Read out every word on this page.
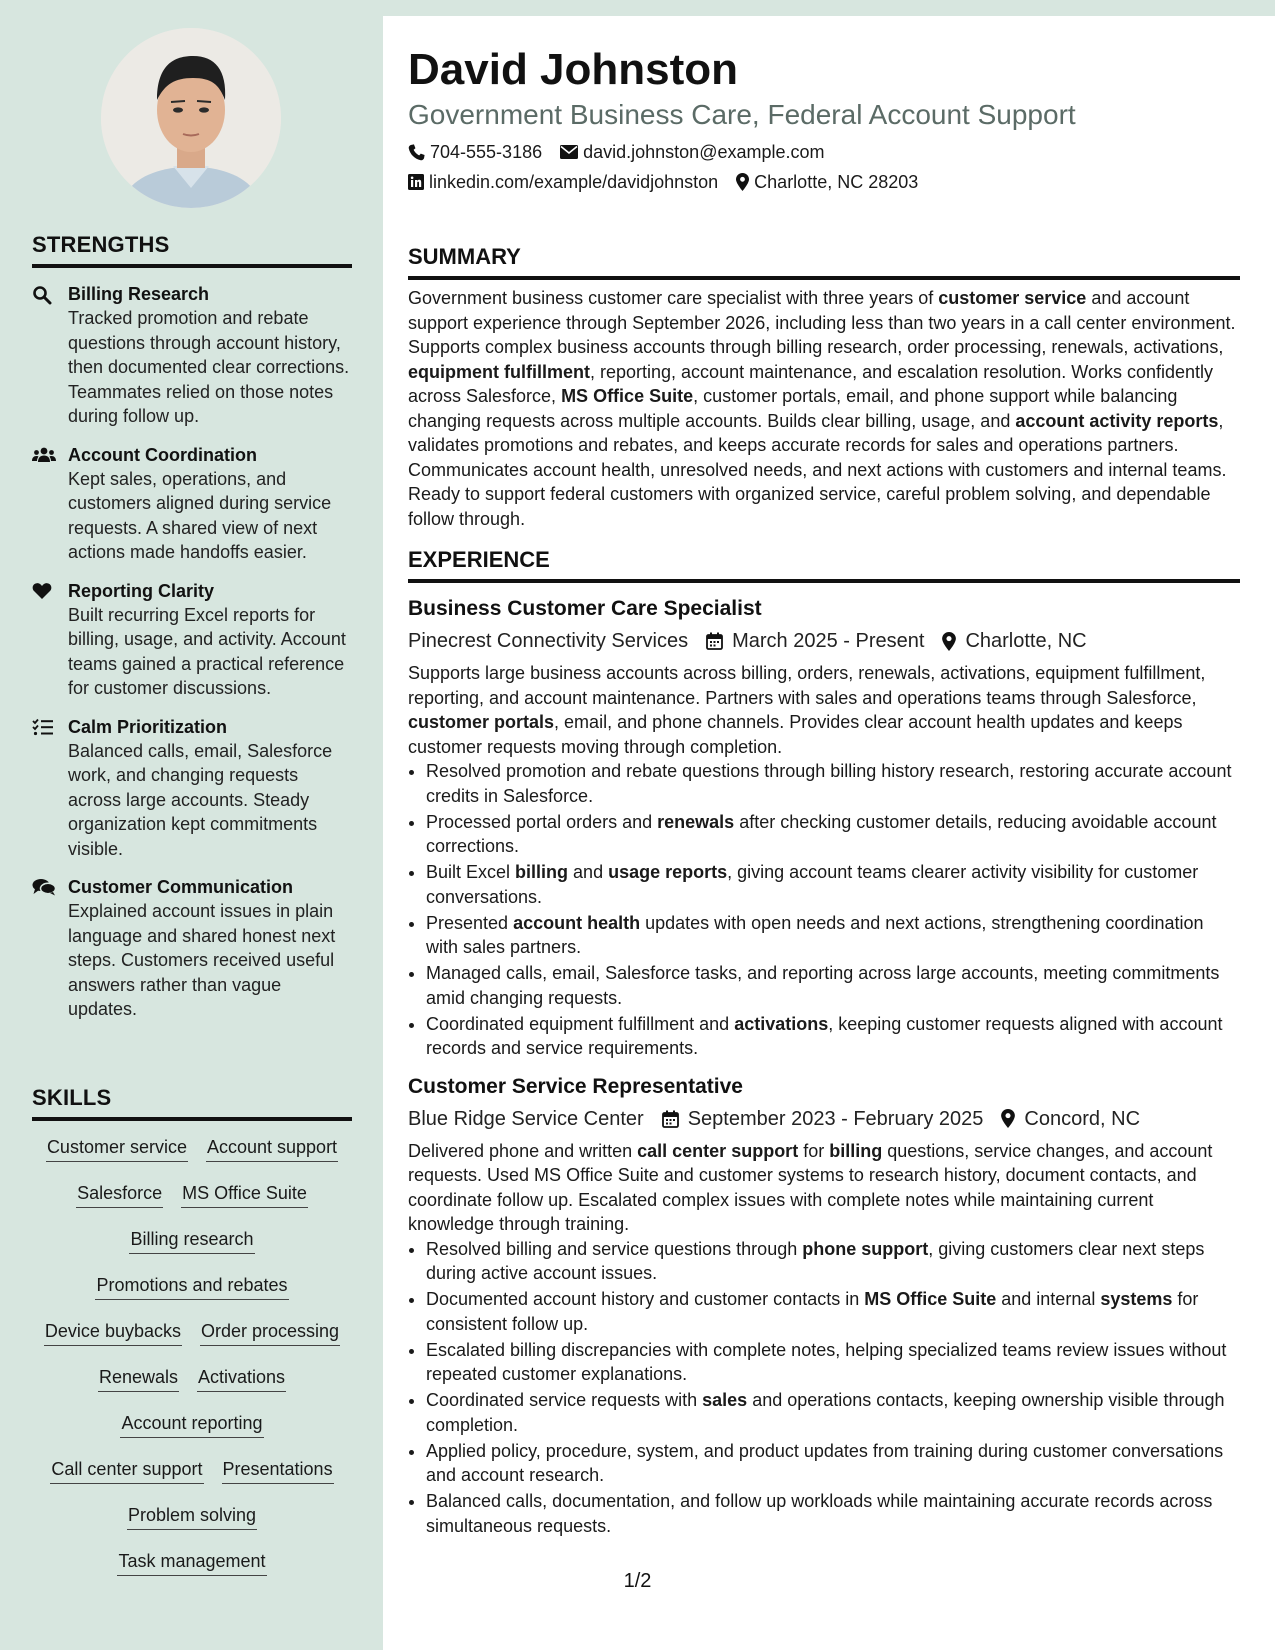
STRENGTHS
Billing Research
Tracked promotion and rebate questions through account history, then documented clear corrections. Teammates relied on those notes during follow up.
Account Coordination
Kept sales, operations, and customers aligned during service requests. A shared view of next actions made handoffs easier.
Reporting Clarity
Built recurring Excel reports for billing, usage, and activity. Account teams gained a practical reference for customer discussions.
Calm Prioritization
Balanced calls, email, Salesforce work, and changing requests across large accounts. Steady organization kept commitments visible.
Customer Communication
Explained account issues in plain language and shared honest next steps. Customers received useful answers rather than vague updates.
SKILLS
Customer service Account support
Salesforce MS Office Suite
Billing research
Promotions and rebates
Device buybacks Order processing
Renewals Activations
Account reporting
Call center support Presentations
Problem solving
Task management
David Johnston
Government Business Care, Federal Account Support
704-555-3186 david.johnston@example.com
linkedin.com/example/davidjohnston Charlotte, NC 28203
SUMMARY
Government business customer care specialist with three years of customer service and account support experience through September 2026, including less than two years in a call center environment. Supports complex business accounts through billing research, order processing, renewals, activations, equipment fulfillment, reporting, account maintenance, and escalation resolution. Works confidently across Salesforce, MS Office Suite, customer portals, email, and phone support while balancing changing requests across multiple accounts. Builds clear billing, usage, and account activity reports, validates promotions and rebates, and keeps accurate records for sales and operations partners. Communicates account health, unresolved needs, and next actions with customers and internal teams. Ready to support federal customers with organized service, careful problem solving, and dependable follow through.
EXPERIENCE
Business Customer Care Specialist
Pinecrest Connectivity Services March 2025 - Present Charlotte, NC
Supports large business accounts across billing, orders, renewals, activations, equipment fulfillment, reporting, and account maintenance. Partners with sales and operations teams through Salesforce, customer portals, email, and phone channels. Provides clear account health updates and keeps customer requests moving through completion.
• Resolved promotion and rebate questions through billing history research, restoring accurate account credits in Salesforce.
• Processed portal orders and renewals after checking customer details, reducing avoidable account corrections.
• Built Excel billing and usage reports, giving account teams clearer activity visibility for customer conversations.
• Presented account health updates with open needs and next actions, strengthening coordination with sales partners.
• Managed calls, email, Salesforce tasks, and reporting across large accounts, meeting commitments amid changing requests.
• Coordinated equipment fulfillment and activations, keeping customer requests aligned with account records and service requirements.
Customer Service Representative
Blue Ridge Service Center September 2023 - February 2025 Concord, NC
Delivered phone and written call center support for billing questions, service changes, and account requests. Used MS Office Suite and customer systems to research history, document contacts, and coordinate follow up. Escalated complex issues with complete notes while maintaining current knowledge through training.
• Resolved billing and service questions through phone support, giving customers clear next steps during active account issues.
• Documented account history and customer contacts in MS Office Suite and internal systems for consistent follow up.
• Escalated billing discrepancies with complete notes, helping specialized teams review issues without repeated customer explanations.
• Coordinated service requests with sales and operations contacts, keeping ownership visible through completion.
• Applied policy, procedure, system, and product updates from training during customer conversations and account research.
• Balanced calls, documentation, and follow up workloads while maintaining accurate records across simultaneous requests.
1/2
